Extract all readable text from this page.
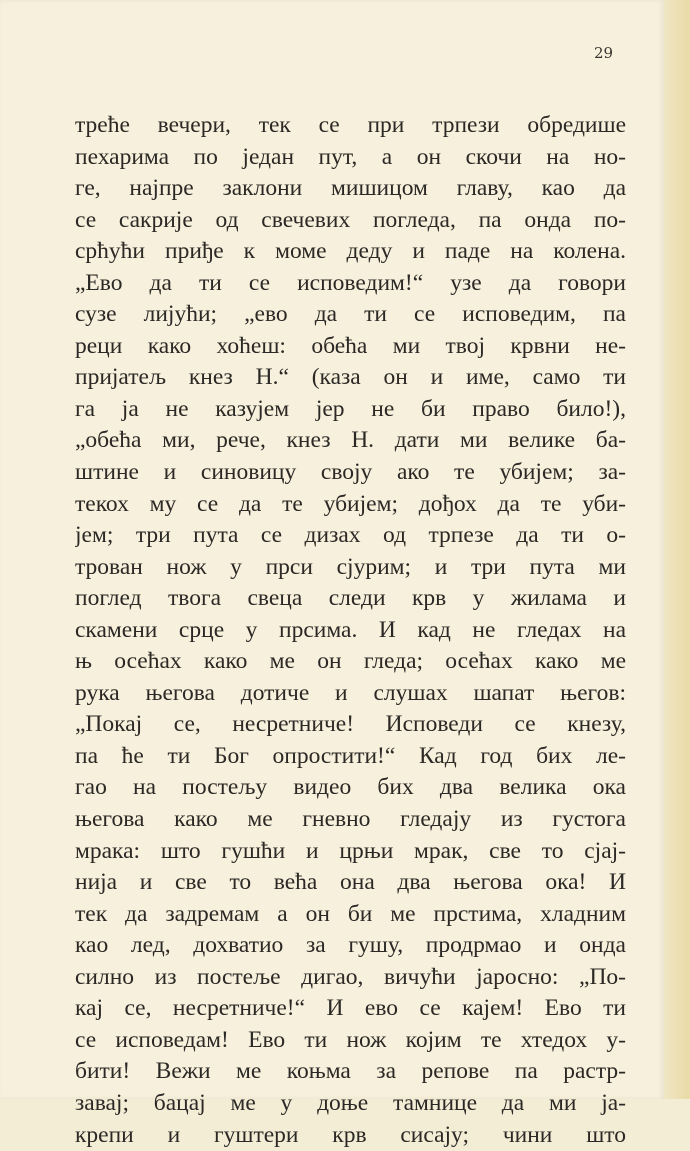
29
треће вечери, тек се при трпези обредише
пехарима по један пут, а он скочи на но-
ге, најпре заклони мишицом главу, као да
се сакрије од свечевих погледа, па онда по-
срћући приђе к моме деду и паде на колена.
„Ево да ти се исповедим!“ узе да говори
сузе лијући; „ево да ти се исповедим, па
реци како хоћеш: обећа ми твој крвни не-
пријатељ кнез Н.“ (каза он и име, само ти
га ја не казујем јер не би право било!),
„обећа ми, рече, кнез Н. дати ми велике ба-
штине и синовицу своју ако те убијем; за-
текох му се да те убијем; дођох да те уби-
јем; три пута се дизах од трпезе да ти о-
трован нож у прси сјурим; и три пута ми
поглед твога свеца следи крв у жилама и
скамени срце у прсима. И кад не гледах на
њ осећах како ме он гледа; осећах како ме
рука његова дотиче и слушах шапат његов:
„Покај се, несретниче! Исповеди се кнезу,
па ће ти Бог опростити!“ Кад год бих ле-
гао на постељу видео бих два велика ока
његова како ме гневно гледају из густога
мрака: што гушћи и црњи мрак, све то сјај-
нија и све то већа она два његова ока! И
тек да задремам а он би ме прстима, хладним
као лед, дохватио за гушу, продрмао и онда
силно из постеље дигао, вичући јаросно: „По-
кај се, несретниче!“ И ево се кајем! Ево ти
се исповедам! Ево ти нож којим те хтедох у-
бити! Вежи ме коњма за репове па растр-
завај; бацај ме у доње тамнице да ми ја-
крепи и гуштери крв сисају; чини што
